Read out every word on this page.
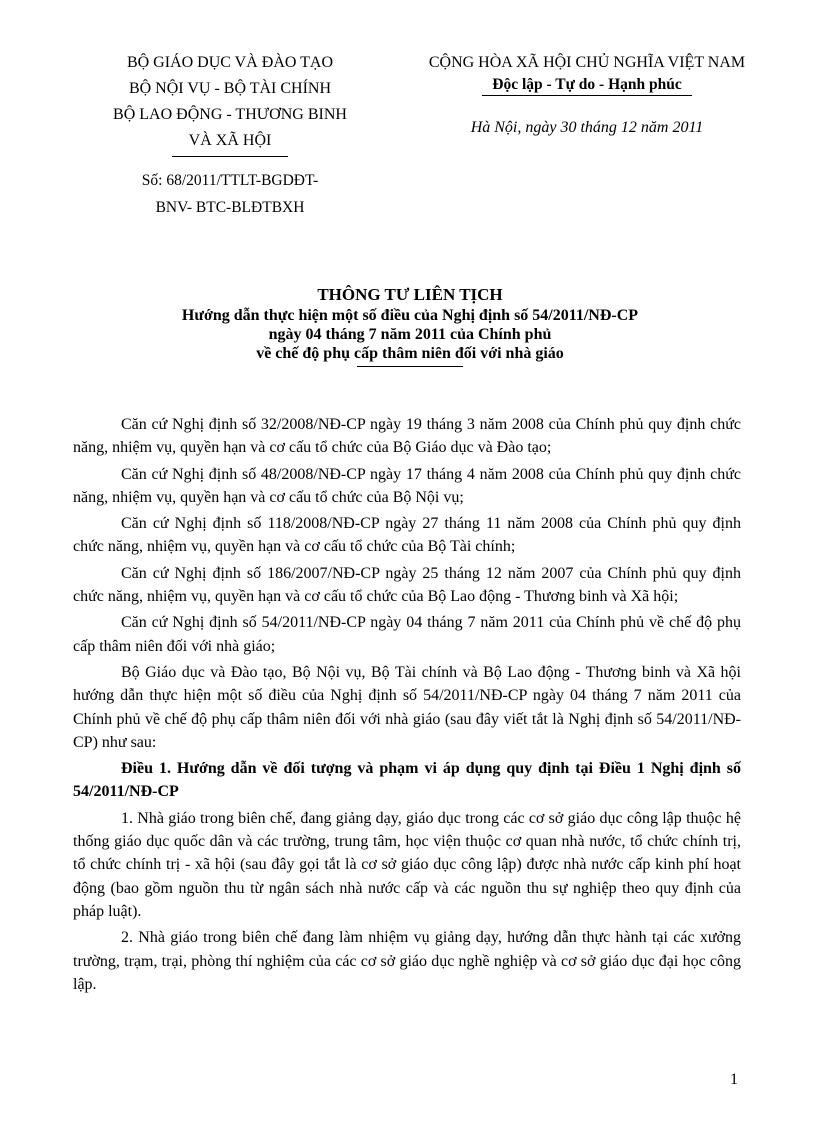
BỘ GIÁO DỤC VÀ ĐÀO TẠO
BỘ NỘI VỤ - BỘ TÀI CHÍNH
BỘ LAO ĐỘNG - THƯƠNG BINH
VÀ XÃ HỘI
Số: 68/2011/TTLT-BGDĐT-
BNV- BTC-BLĐTBXH
CỘNG HÒA XÃ HỘI CHỦ NGHĨA VIỆT NAM
Độc lập - Tự do - Hạnh phúc
Hà Nội, ngày 30 tháng 12 năm 2011
THÔNG TƯ LIÊN TỊCH
Hướng dẫn thực hiện một số điều của Nghị định số 54/2011/NĐ-CP
ngày 04 tháng 7 năm 2011 của Chính phủ
về chế độ phụ cấp thâm niên đối với nhà giáo

Căn cứ Nghị định số 32/2008/NĐ-CP ngày 19 tháng 3 năm 2008 của Chính phủ quy định chức năng, nhiệm vụ, quyền hạn và cơ cấu tổ chức của Bộ Giáo dục và Đào tạo;

Căn cứ Nghị định số 48/2008/NĐ-CP ngày 17 tháng 4 năm 2008 của Chính phủ quy định chức năng, nhiệm vụ, quyền hạn và cơ cấu tổ chức của Bộ Nội vụ;

Căn cứ Nghị định số 118/2008/NĐ-CP ngày 27 tháng 11 năm 2008 của Chính phủ quy định chức năng, nhiệm vụ, quyền hạn và cơ cấu tổ chức của Bộ Tài chính;

Căn cứ Nghị định số 186/2007/NĐ-CP ngày 25 tháng 12 năm 2007 của Chính phủ quy định chức năng, nhiệm vụ, quyền hạn và cơ cấu tổ chức của Bộ Lao động - Thương binh và Xã hội;

Căn cứ Nghị định số 54/2011/NĐ-CP ngày 04 tháng 7 năm 2011 của Chính phủ về chế độ phụ cấp thâm niên đối với nhà giáo;

Bộ Giáo dục và Đào tạo, Bộ Nội vụ, Bộ Tài chính và Bộ Lao động - Thương binh và Xã hội hướng dẫn thực hiện một số điều của Nghị định số 54/2011/NĐ-CP ngày 04 tháng 7 năm 2011 của Chính phủ về chế độ phụ cấp thâm niên đối với nhà giáo (sau đây viết tắt là Nghị định số 54/2011/NĐ-CP) như sau:

Điều 1. Hướng dẫn về đối tượng và phạm vi áp dụng quy định tại Điều 1 Nghị định số 54/2011/NĐ-CP

1. Nhà giáo trong biên chế, đang giảng dạy, giáo dục trong các cơ sở giáo dục công lập thuộc hệ thống giáo dục quốc dân và các trường, trung tâm, học viện thuộc cơ quan nhà nước, tổ chức chính trị, tổ chức chính trị - xã hội (sau đây gọi tắt là cơ sở giáo dục công lập) được nhà nước cấp kinh phí hoạt động (bao gồm nguồn thu từ ngân sách nhà nước cấp và các nguồn thu sự nghiệp theo quy định của pháp luật).

2. Nhà giáo trong biên chế đang làm nhiệm vụ giảng dạy, hướng dẫn thực hành tại các xưởng trường, trạm, trại, phòng thí nghiệm của các cơ sở giáo dục nghề nghiệp và cơ sở giáo dục đại học công lập.

1
